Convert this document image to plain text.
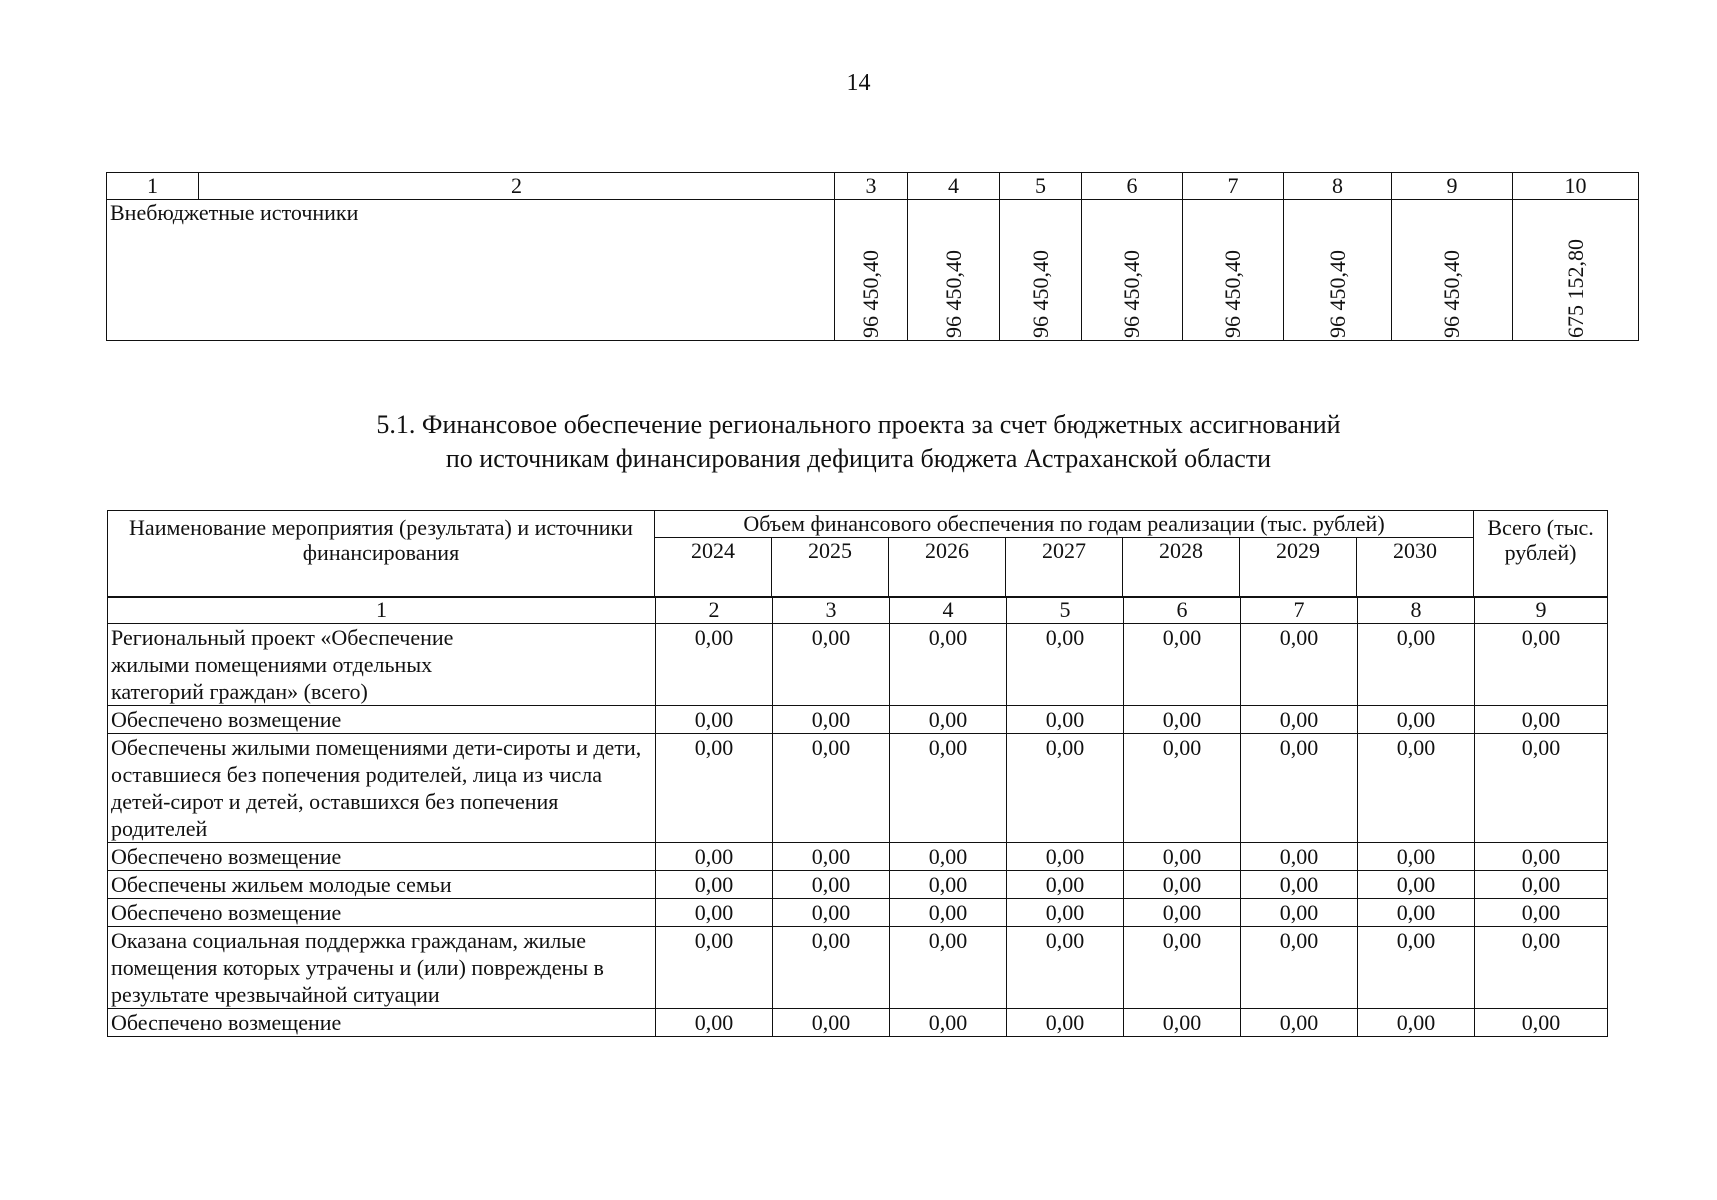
14
1	2	3	4	5	6	7	8	9	10
Внебюджетные источники		96 450,40	96 450,40	96 450,40	96 450,40	96 450,40	96 450,40	96 450,40	675 152,80
5.1. Финансовое обеспечение регионального проекта за счет бюджетных ассигнований
по источникам финансирования дефицита бюджета Астраханской области
Наименование мероприятия (результата) и источники финансирования	Объем финансового обеспечения по годам реализации (тыс. рублей)							Всего (тыс. рублей)
	2024	2025	2026	2027	2028	2029	2030	
1	2	3	4	5	6	7	8	9
Региональный проект «Обеспечение жилыми помещениями отдельных категорий граждан» (всего)	0,00	0,00	0,00	0,00	0,00	0,00	0,00	0,00
Обеспечено возмещение	0,00	0,00	0,00	0,00	0,00	0,00	0,00	0,00
Обеспечены жилыми помещениями дети-сироты и дети, оставшиеся без попечения родителей, лица из числа детей-сирот и детей, оставшихся без попечения родителей	0,00	0,00	0,00	0,00	0,00	0,00	0,00	0,00
Обеспечено возмещение	0,00	0,00	0,00	0,00	0,00	0,00	0,00	0,00
Обеспечены жильем молодые семьи	0,00	0,00	0,00	0,00	0,00	0,00	0,00	0,00
Обеспечено возмещение	0,00	0,00	0,00	0,00	0,00	0,00	0,00	0,00
Оказана социальная поддержка гражданам, жилые помещения которых утрачены и (или) повреждены в результате чрезвычайной ситуации	0,00	0,00	0,00	0,00	0,00	0,00	0,00	0,00
Обеспечено возмещение	0,00	0,00	0,00	0,00	0,00	0,00	0,00	0,00
